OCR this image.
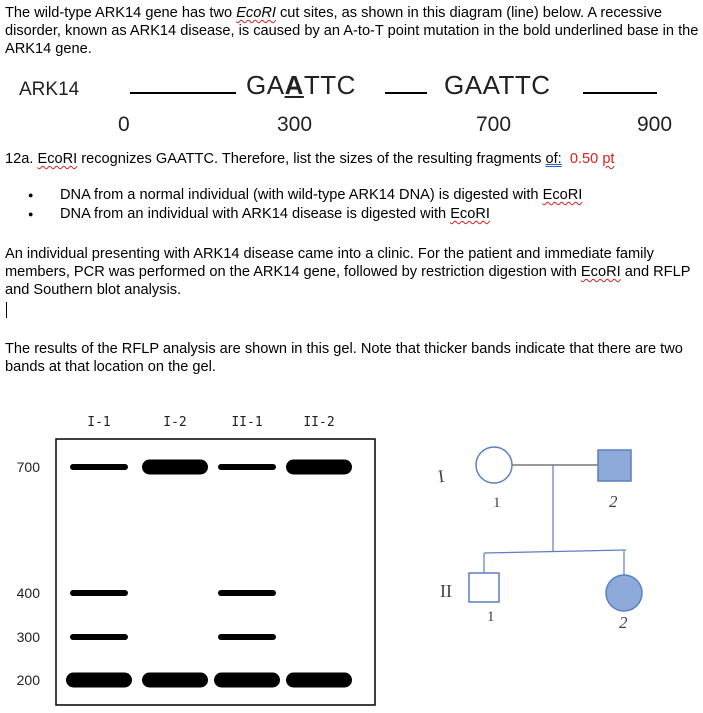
The wild-type ARK14 gene has two EcoRI cut sites, as shown in this diagram (line) below. A recessive disorder, known as ARK14 disease, is caused by an A-to-T point mutation in the bold underlined base in the ARK14 gene.

ARK14	GAATTC	GAATTC
0	300	700	900

12a. EcoRI recognizes GAATTC. Therefore, list the sizes of the resulting fragments of: 0.50 pt

● DNA from a normal individual (with wild-type ARK14 DNA) is digested with EcoRI
● DNA from an individual with ARK14 disease is digested with EcoRI

An individual presenting with ARK14 disease came into a clinic. For the patient and immediate family members, PCR was performed on the ARK14 gene, followed by restriction digestion with EcoRI and RFLP and Southern blot analysis.

The results of the RFLP analysis are shown in this gel. Note that thicker bands indicate that there are two bands at that location on the gel.

I-1	I-2	II-1	II-2
700
400
300
200
I
II
1	2
1	2
